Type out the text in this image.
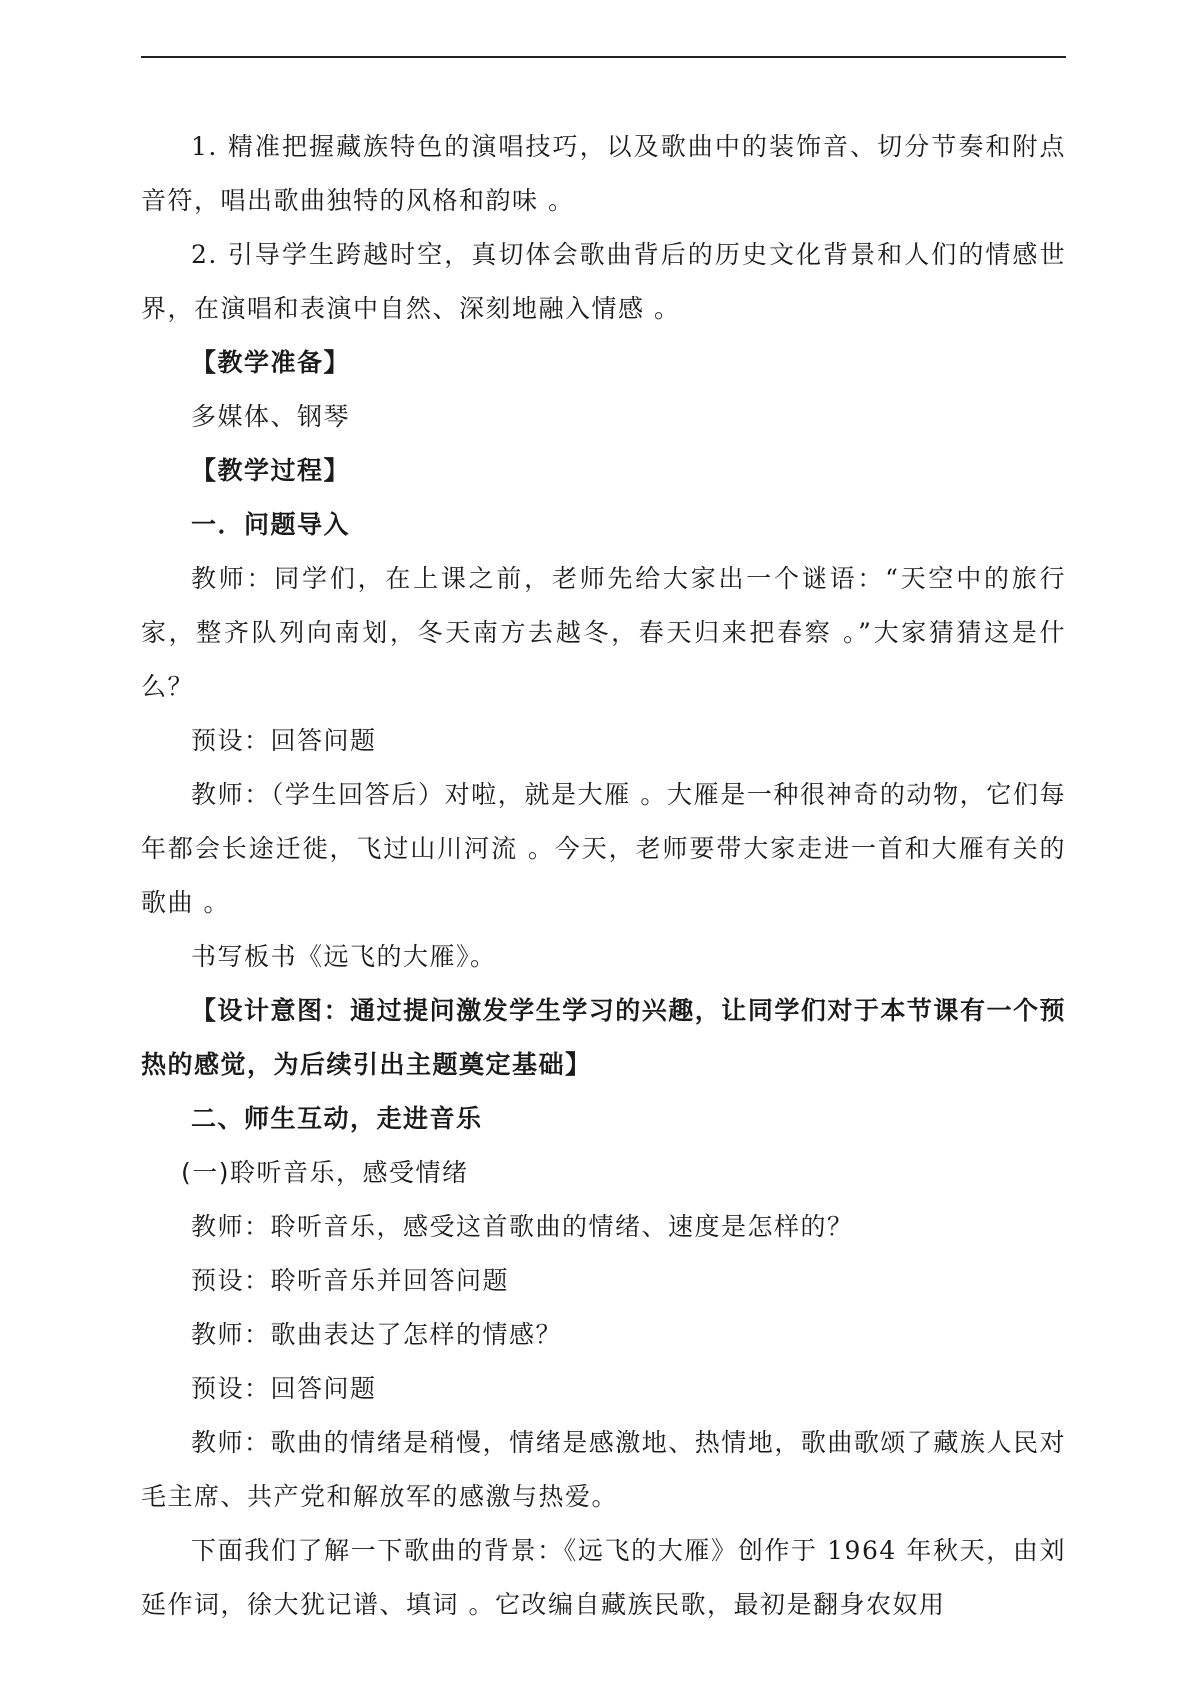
1. 精准把握藏族特色的演唱技巧，以及歌曲中的装饰音、切分节奏和附点音符，唱出歌曲独特的风格和韵味 。

2. 引导学生跨越时空，真切体会歌曲背后的历史文化背景和人们的情感世界，在演唱和表演中自然、深刻地融入情感 。

【教学准备】

多媒体、钢琴

【教学过程】

一．问题导入

教师：同学们，在上课之前，老师先给大家出一个谜语：“天空中的旅行家，整齐队列向南划，冬天南方去越冬，春天归来把春察 。”大家猜猜这是什么？

预设：回答问题

教师：（学生回答后）对啦，就是大雁 。大雁是一种很神奇的动物，它们每年都会长途迁徙，飞过山川河流 。今天，老师要带大家走进一首和大雁有关的歌曲 。

书写板书《远飞的大雁》。

【设计意图：通过提问激发学生学习的兴趣，让同学们对于本节课有一个预热的感觉，为后续引出主题奠定基础】

二、师生互动，走进音乐

(一)聆听音乐，感受情绪

教师：聆听音乐，感受这首歌曲的情绪、速度是怎样的？

预设：聆听音乐并回答问题

教师：歌曲表达了怎样的情感？

预设：回答问题

教师：歌曲的情绪是稍慢，情绪是感激地、热情地，歌曲歌颂了藏族人民对毛主席、共产党和解放军的感激与热爱。

下面我们了解一下歌曲的背景：《远飞的大雁》创作于 1964 年秋天，由刘延作词，徐大犹记谱、填词 。它改编自藏族民歌，最初是翻身农奴用
